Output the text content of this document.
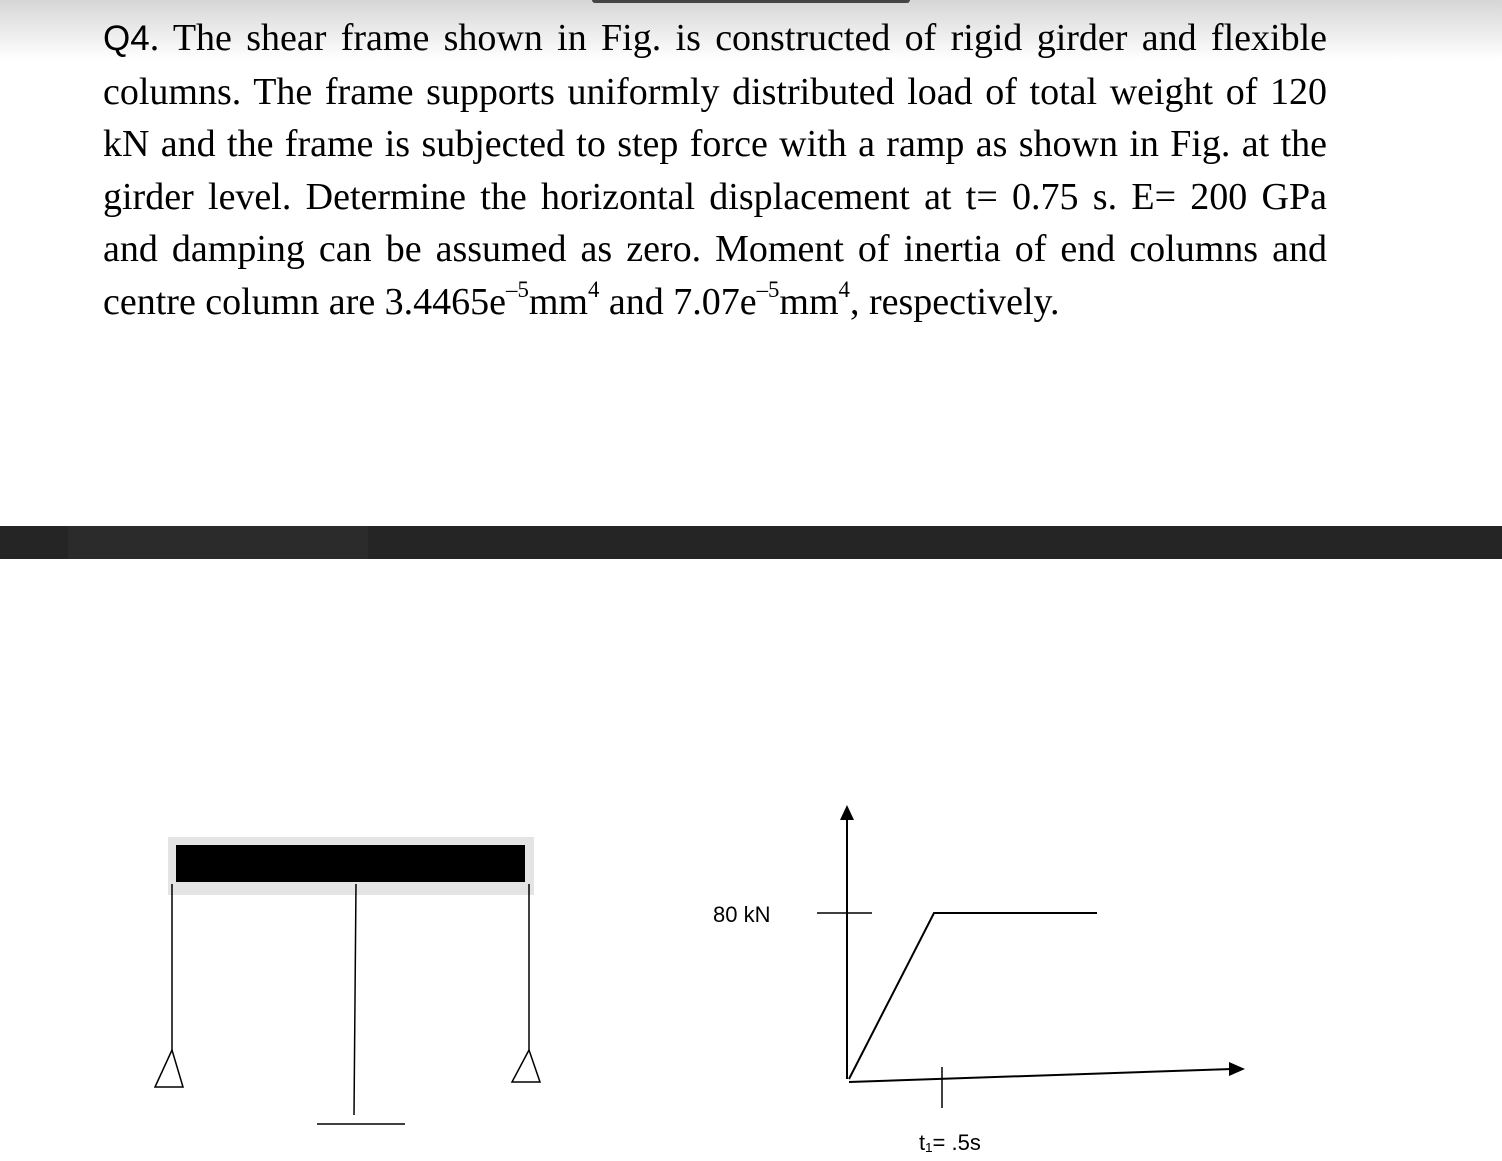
Q4. The shear frame shown in Fig. is constructed of rigid girder and flexible columns. The frame supports uniformly distributed load of total weight of 120 kN and the frame is subjected to step force with a ramp as shown in Fig. at the girder level. Determine the horizontal displacement at t= 0.75 s. E= 200 GPa and damping can be assumed as zero. Moment of inertia of end columns and centre column are $3.4465e^{-5}mm^4$ and $7.07e^{-5}mm^4$, respectively.
80 kN
t₁= .5s
